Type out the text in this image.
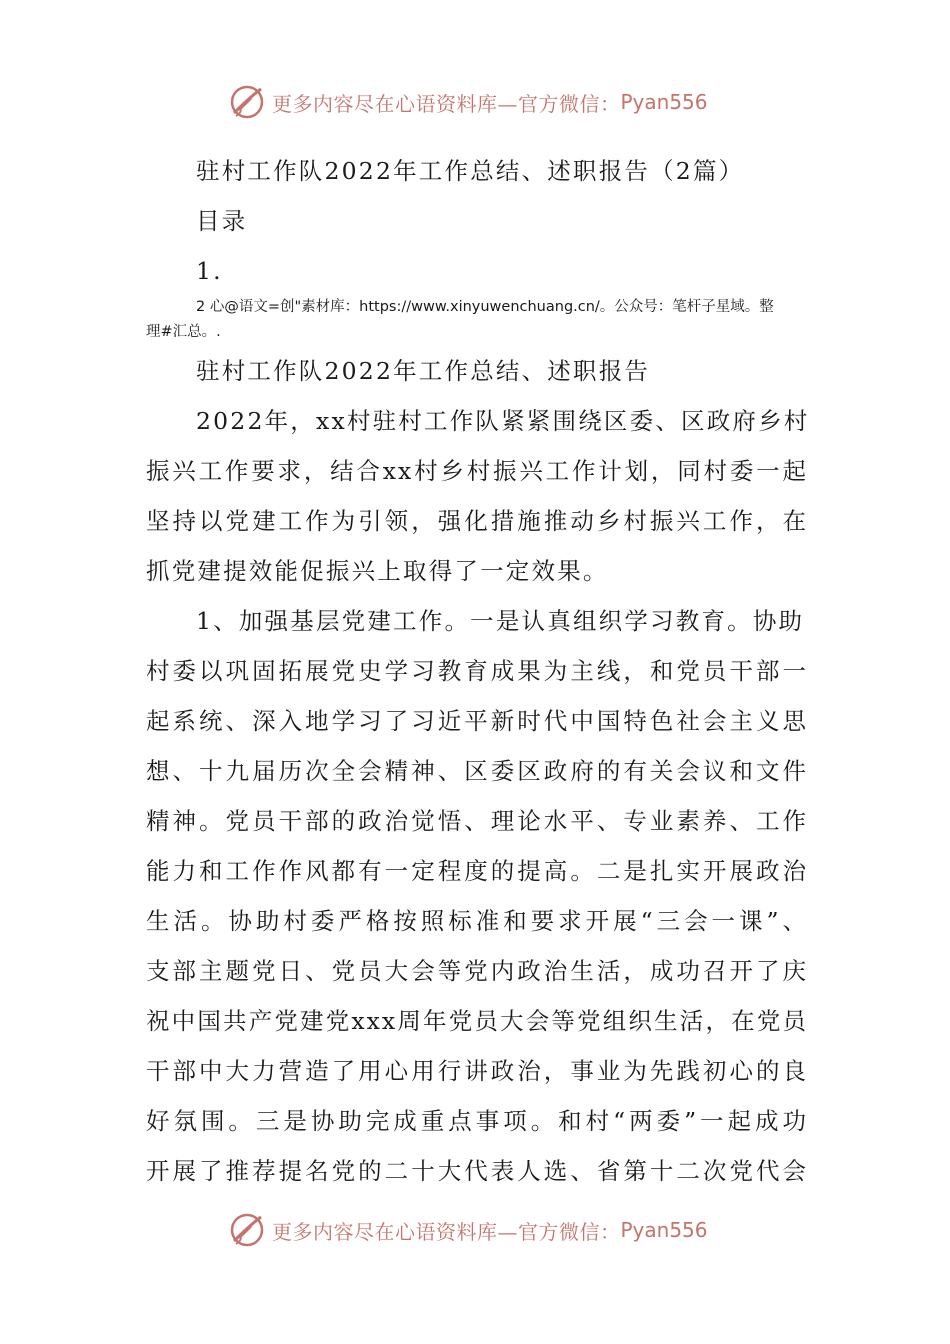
更多内容尽在心语资料库—官方微信： Pyan556
驻村工作队2022年工作总结、述职报告（2篇）
目录
1.
2 心@语文=创"素材库：https://www.xinyuwenchuang.cn/。公众号：笔杆子星域。整
理#汇总。.
驻村工作队2022年工作总结、述职报告
2022年，xx村驻村工作队紧紧围绕区委、区政府乡村
振兴工作要求，结合xx村乡村振兴工作计划，同村委一起
坚持以党建工作为引领，强化措施推动乡村振兴工作，在
抓党建提效能促振兴上取得了一定效果。
1、加强基层党建工作。一是认真组织学习教育。协助
村委以巩固拓展党史学习教育成果为主线，和党员干部一
起系统、深入地学习了习近平新时代中国特色社会主义思
想、十九届历次全会精神、区委区政府的有关会议和文件
精神。党员干部的政治觉悟、理论水平、专业素养、工作
能力和工作作风都有一定程度的提高。二是扎实开展政治
生活。协助村委严格按照标准和要求开展“三会一课”、
支部主题党日、党员大会等党内政治生活，成功召开了庆
祝中国共产党建党xxx周年党员大会等党组织生活，在党员
干部中大力营造了用心用行讲政治，事业为先践初心的良
好氛围。三是协助完成重点事项。和村“两委”一起成功
开展了推荐提名党的二十大代表人选、省第十二次党代会
更多内容尽在心语资料库—官方微信： Pyan556
